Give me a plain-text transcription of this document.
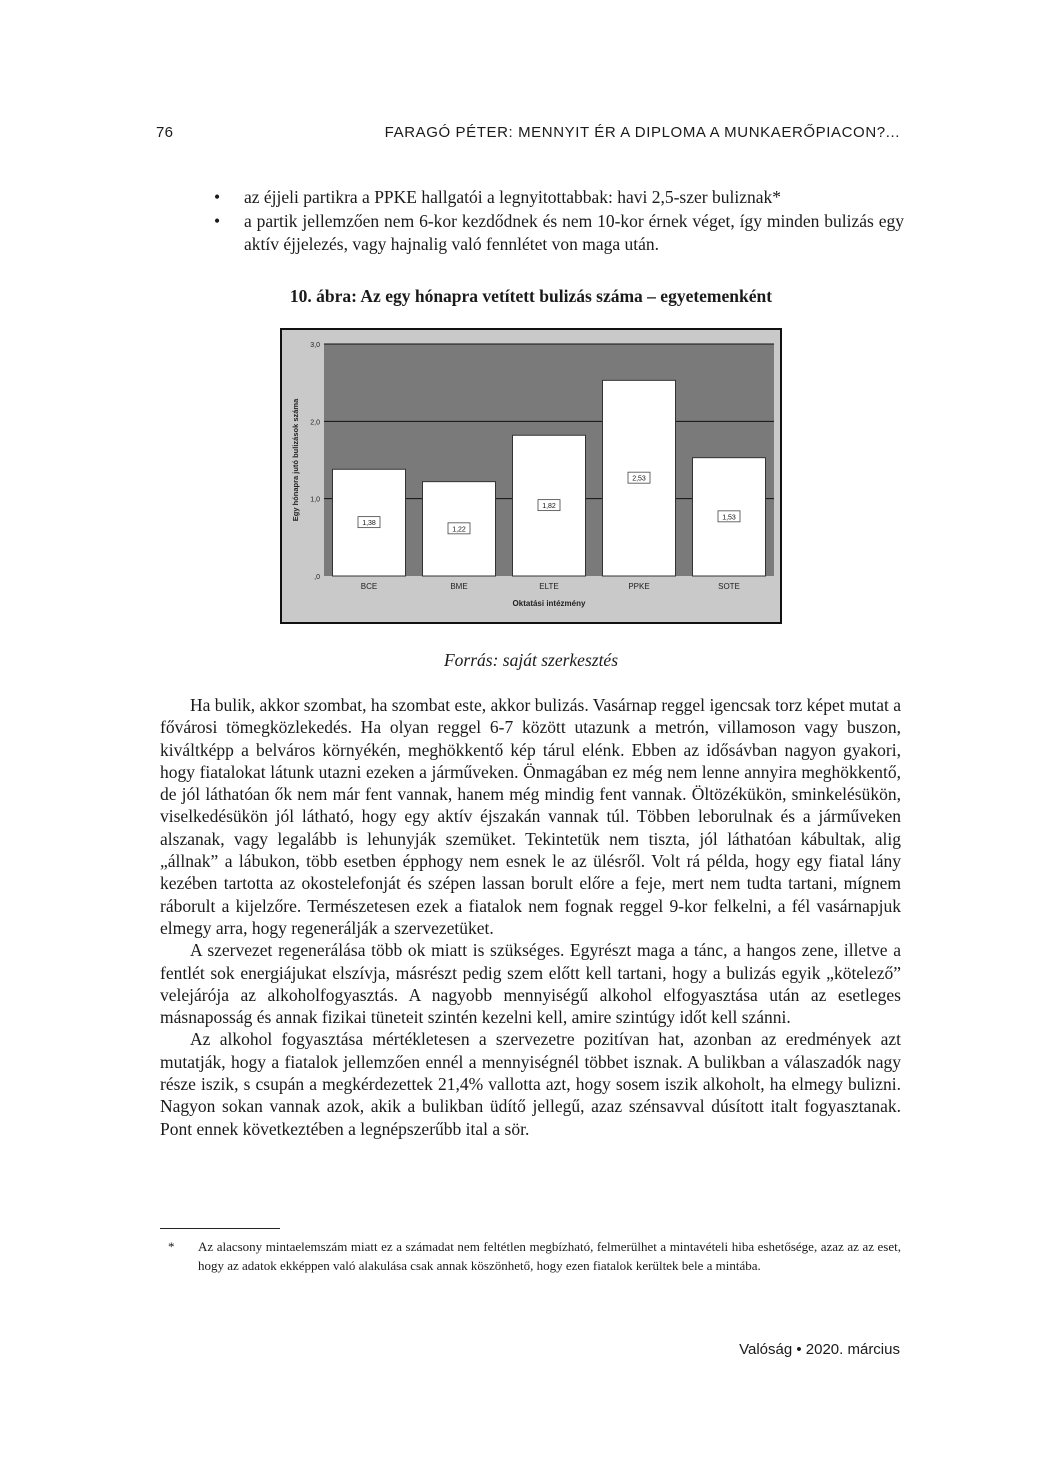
76	FARAGÓ PÉTER: MENNYIT ÉR A DIPLOMA A MUNKAERŐPIACON?...
• az éjjeli partikra a PPKE hallgatói a legnyitottabbak: havi 2,5-szer buliznak*
• a partik jellemzően nem 6-kor kezdődnek és nem 10-kor érnek véget, így minden bulizás egy aktív éjjelezés, vagy hajnalig való fennlétet von maga után.
10. ábra: Az egy hónapra vetített bulizás száma – egyetemenként
,0
1,0
2,0
3,0
1,38
BCE
1,22
BME
1,82
ELTE
2,53
PPKE
1,53
SOTE
Oktatási intézmény
Egy hónapra jutó bulizások száma
Forrás: saját szerkesztés

Ha bulik, akkor szombat, ha szombat este, akkor bulizás. Vasárnap reggel igencsak torz képet mutat a fővárosi tömegközlekedés. Ha olyan reggel 6-7 között utazunk a metrón, villamoson vagy buszon, kiváltképp a belváros környékén, meghökkentő kép tárul elénk. Ebben az idősávban nagyon gyakori, hogy fiatalokat látunk utazni ezeken a járműveken. Önmagában ez még nem lenne annyira meghökkentő, de jól láthatóan ők nem már fent vannak, hanem még mindig fent vannak. Öltözékükön, sminkelésükön, viselkedésükön jól látható, hogy egy aktív éjszakán vannak túl. Többen leborulnak és a járműveken alszanak, vagy legalább is lehunyják szemüket. Tekintetük nem tiszta, jól láthatóan kábultak, alig „állnak” a lábukon, több esetben épphogy nem esnek le az ülésről. Volt rá példa, hogy egy fiatal lány kezében tartotta az okostelefonját és szépen lassan borult előre a feje, mert nem tudta tartani, mígnem ráborult a kijelzőre. Természetesen ezek a fiatalok nem fognak reggel 9-kor felkelni, a fél vasárnapjuk elmegy arra, hogy regenerálják a szervezetüket.

A szervezet regenerálása több ok miatt is szükséges. Egyrészt maga a tánc, a hangos zene, illetve a fentlét sok energiájukat elszívja, másrészt pedig szem előtt kell tartani, hogy a bulizás egyik „kötelező” velejárója az alkoholfogyasztás. A nagyobb mennyiségű alkohol elfogyasztása után az esetleges másnaposság és annak fizikai tüneteit szintén kezelni kell, amire szintúgy időt kell szánni.

Az alkohol fogyasztása mértékletesen a szervezetre pozitívan hat, azonban az eredmények azt mutatják, hogy a fiatalok jellemzően ennél a mennyiségnél többet isznak. A bulikban a válaszadók nagy része iszik, s csupán a megkérdezettek 21,4% vallotta azt, hogy sosem iszik alkoholt, ha elmegy bulizni. Nagyon sokan vannak azok, akik a bulikban üdítő jellegű, azaz szénsavval dúsított italt fogyasztanak. Pont ennek következtében a legnépszerűbb ital a sör.

* Az alacsony mintaelemszám miatt ez a számadat nem feltétlen megbízható, felmerülhet a mintavételi hiba eshetősége, azaz az az eset, hogy az adatok ekképpen való alakulása csak annak köszönhető, hogy ezen fiatalok kerültek bele a mintába.
Valóság • 2020. március
